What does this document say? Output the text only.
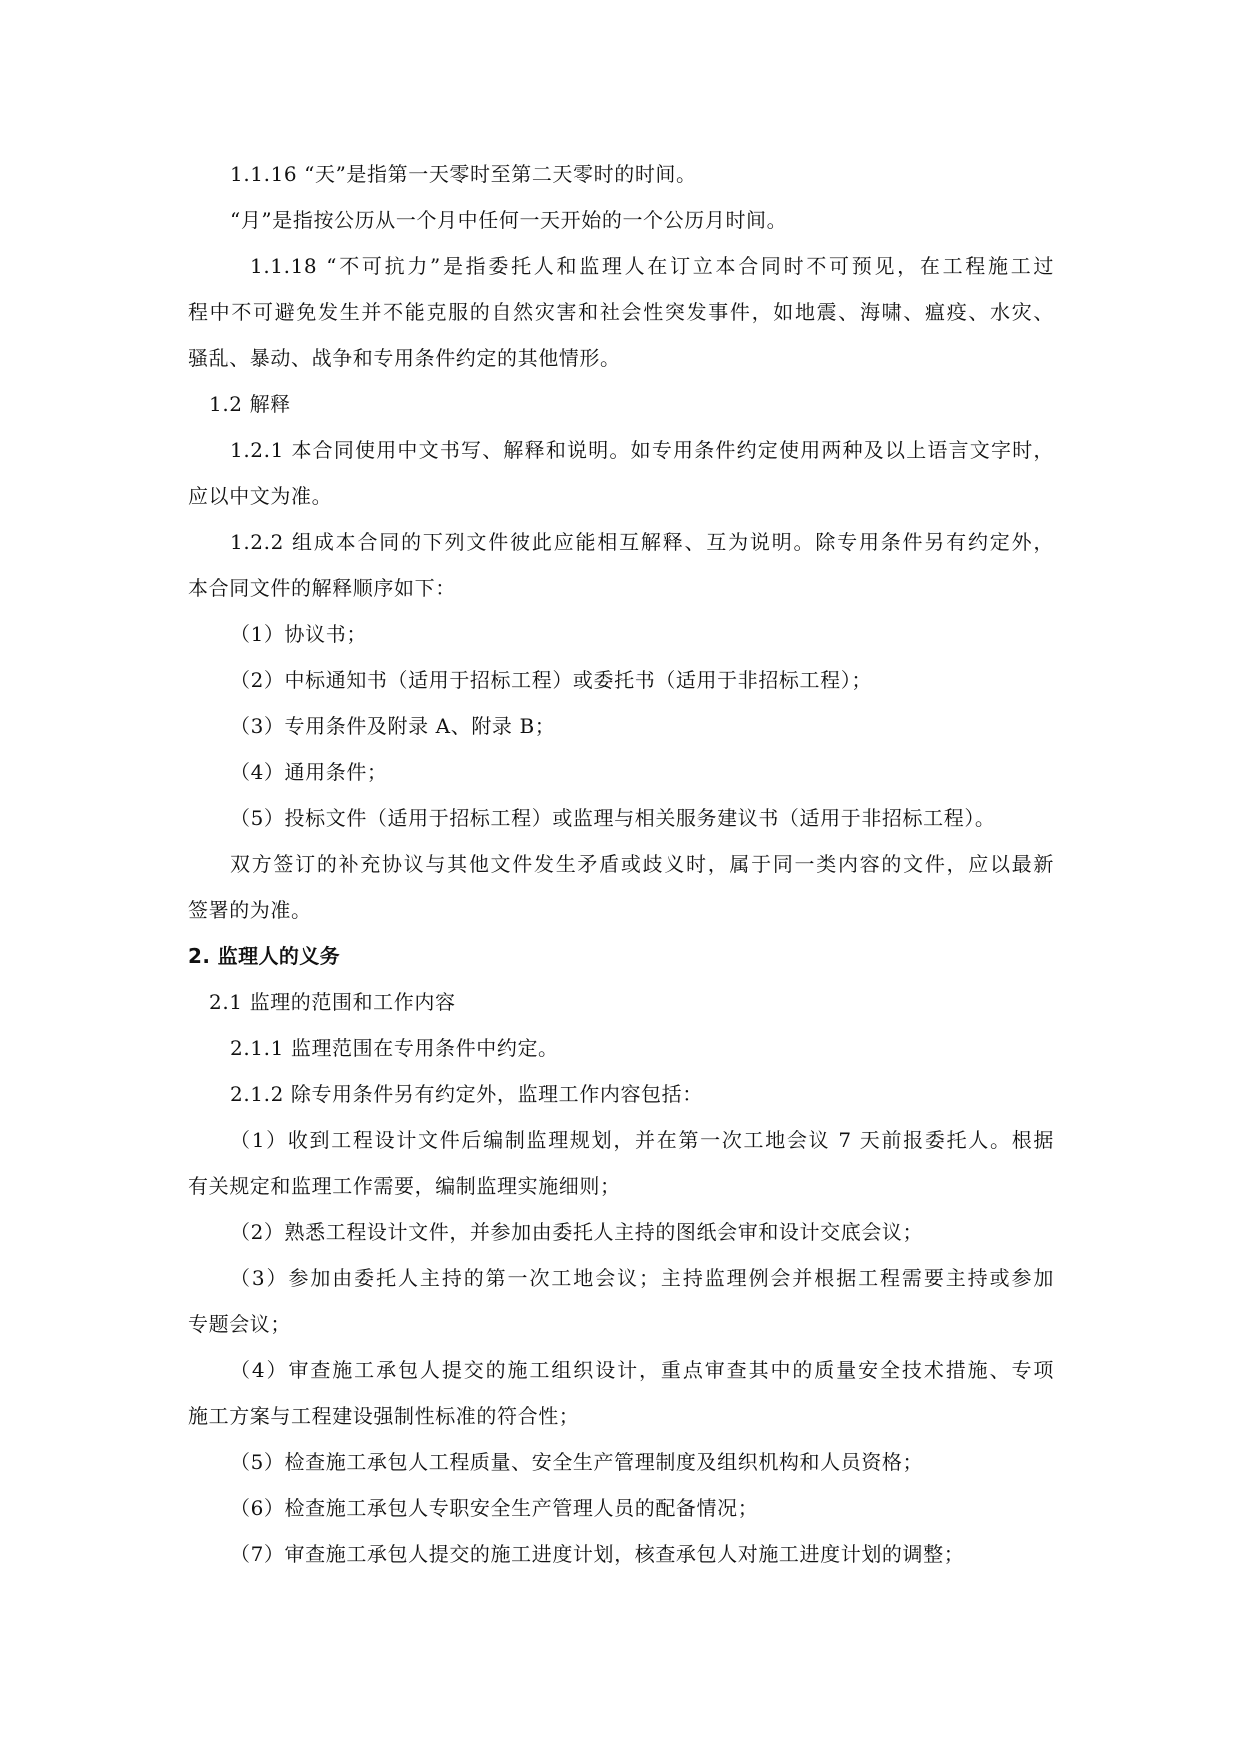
1.1.16 “天”是指第一天零时至第二天零时的时间。
“月”是指按公历从一个月中任何一天开始的一个公历月时间。
1.1.18 “不可抗力”是指委托人和监理人在订立本合同时不可预见，在工程施工过
程中不可避免发生并不能克服的自然灾害和社会性突发事件，如地震、海啸、瘟疫、水灾、
骚乱、暴动、战争和专用条件约定的其他情形。
1.2 解释
1.2.1 本合同使用中文书写、解释和说明。如专用条件约定使用两种及以上语言文字时，
应以中文为准。
1.2.2 组成本合同的下列文件彼此应能相互解释、互为说明。除专用条件另有约定外，
本合同文件的解释顺序如下：
（1）协议书；
（2）中标通知书（适用于招标工程）或委托书（适用于非招标工程）；
（3）专用条件及附录 A、附录 B；
（4）通用条件；
（5）投标文件（适用于招标工程）或监理与相关服务建议书（适用于非招标工程）。
双方签订的补充协议与其他文件发生矛盾或歧义时，属于同一类内容的文件，应以最新
签署的为准。
2. 监理人的义务
2.1 监理的范围和工作内容
2.1.1 监理范围在专用条件中约定。
2.1.2 除专用条件另有约定外，监理工作内容包括：
（1）收到工程设计文件后编制监理规划，并在第一次工地会议 7 天前报委托人。根据
有关规定和监理工作需要，编制监理实施细则；
（2）熟悉工程设计文件，并参加由委托人主持的图纸会审和设计交底会议；
（3）参加由委托人主持的第一次工地会议；主持监理例会并根据工程需要主持或参加
专题会议；
（4）审查施工承包人提交的施工组织设计，重点审查其中的质量安全技术措施、专项
施工方案与工程建设强制性标准的符合性；
（5）检查施工承包人工程质量、安全生产管理制度及组织机构和人员资格；
（6）检查施工承包人专职安全生产管理人员的配备情况；
（7）审查施工承包人提交的施工进度计划，核查承包人对施工进度计划的调整；
